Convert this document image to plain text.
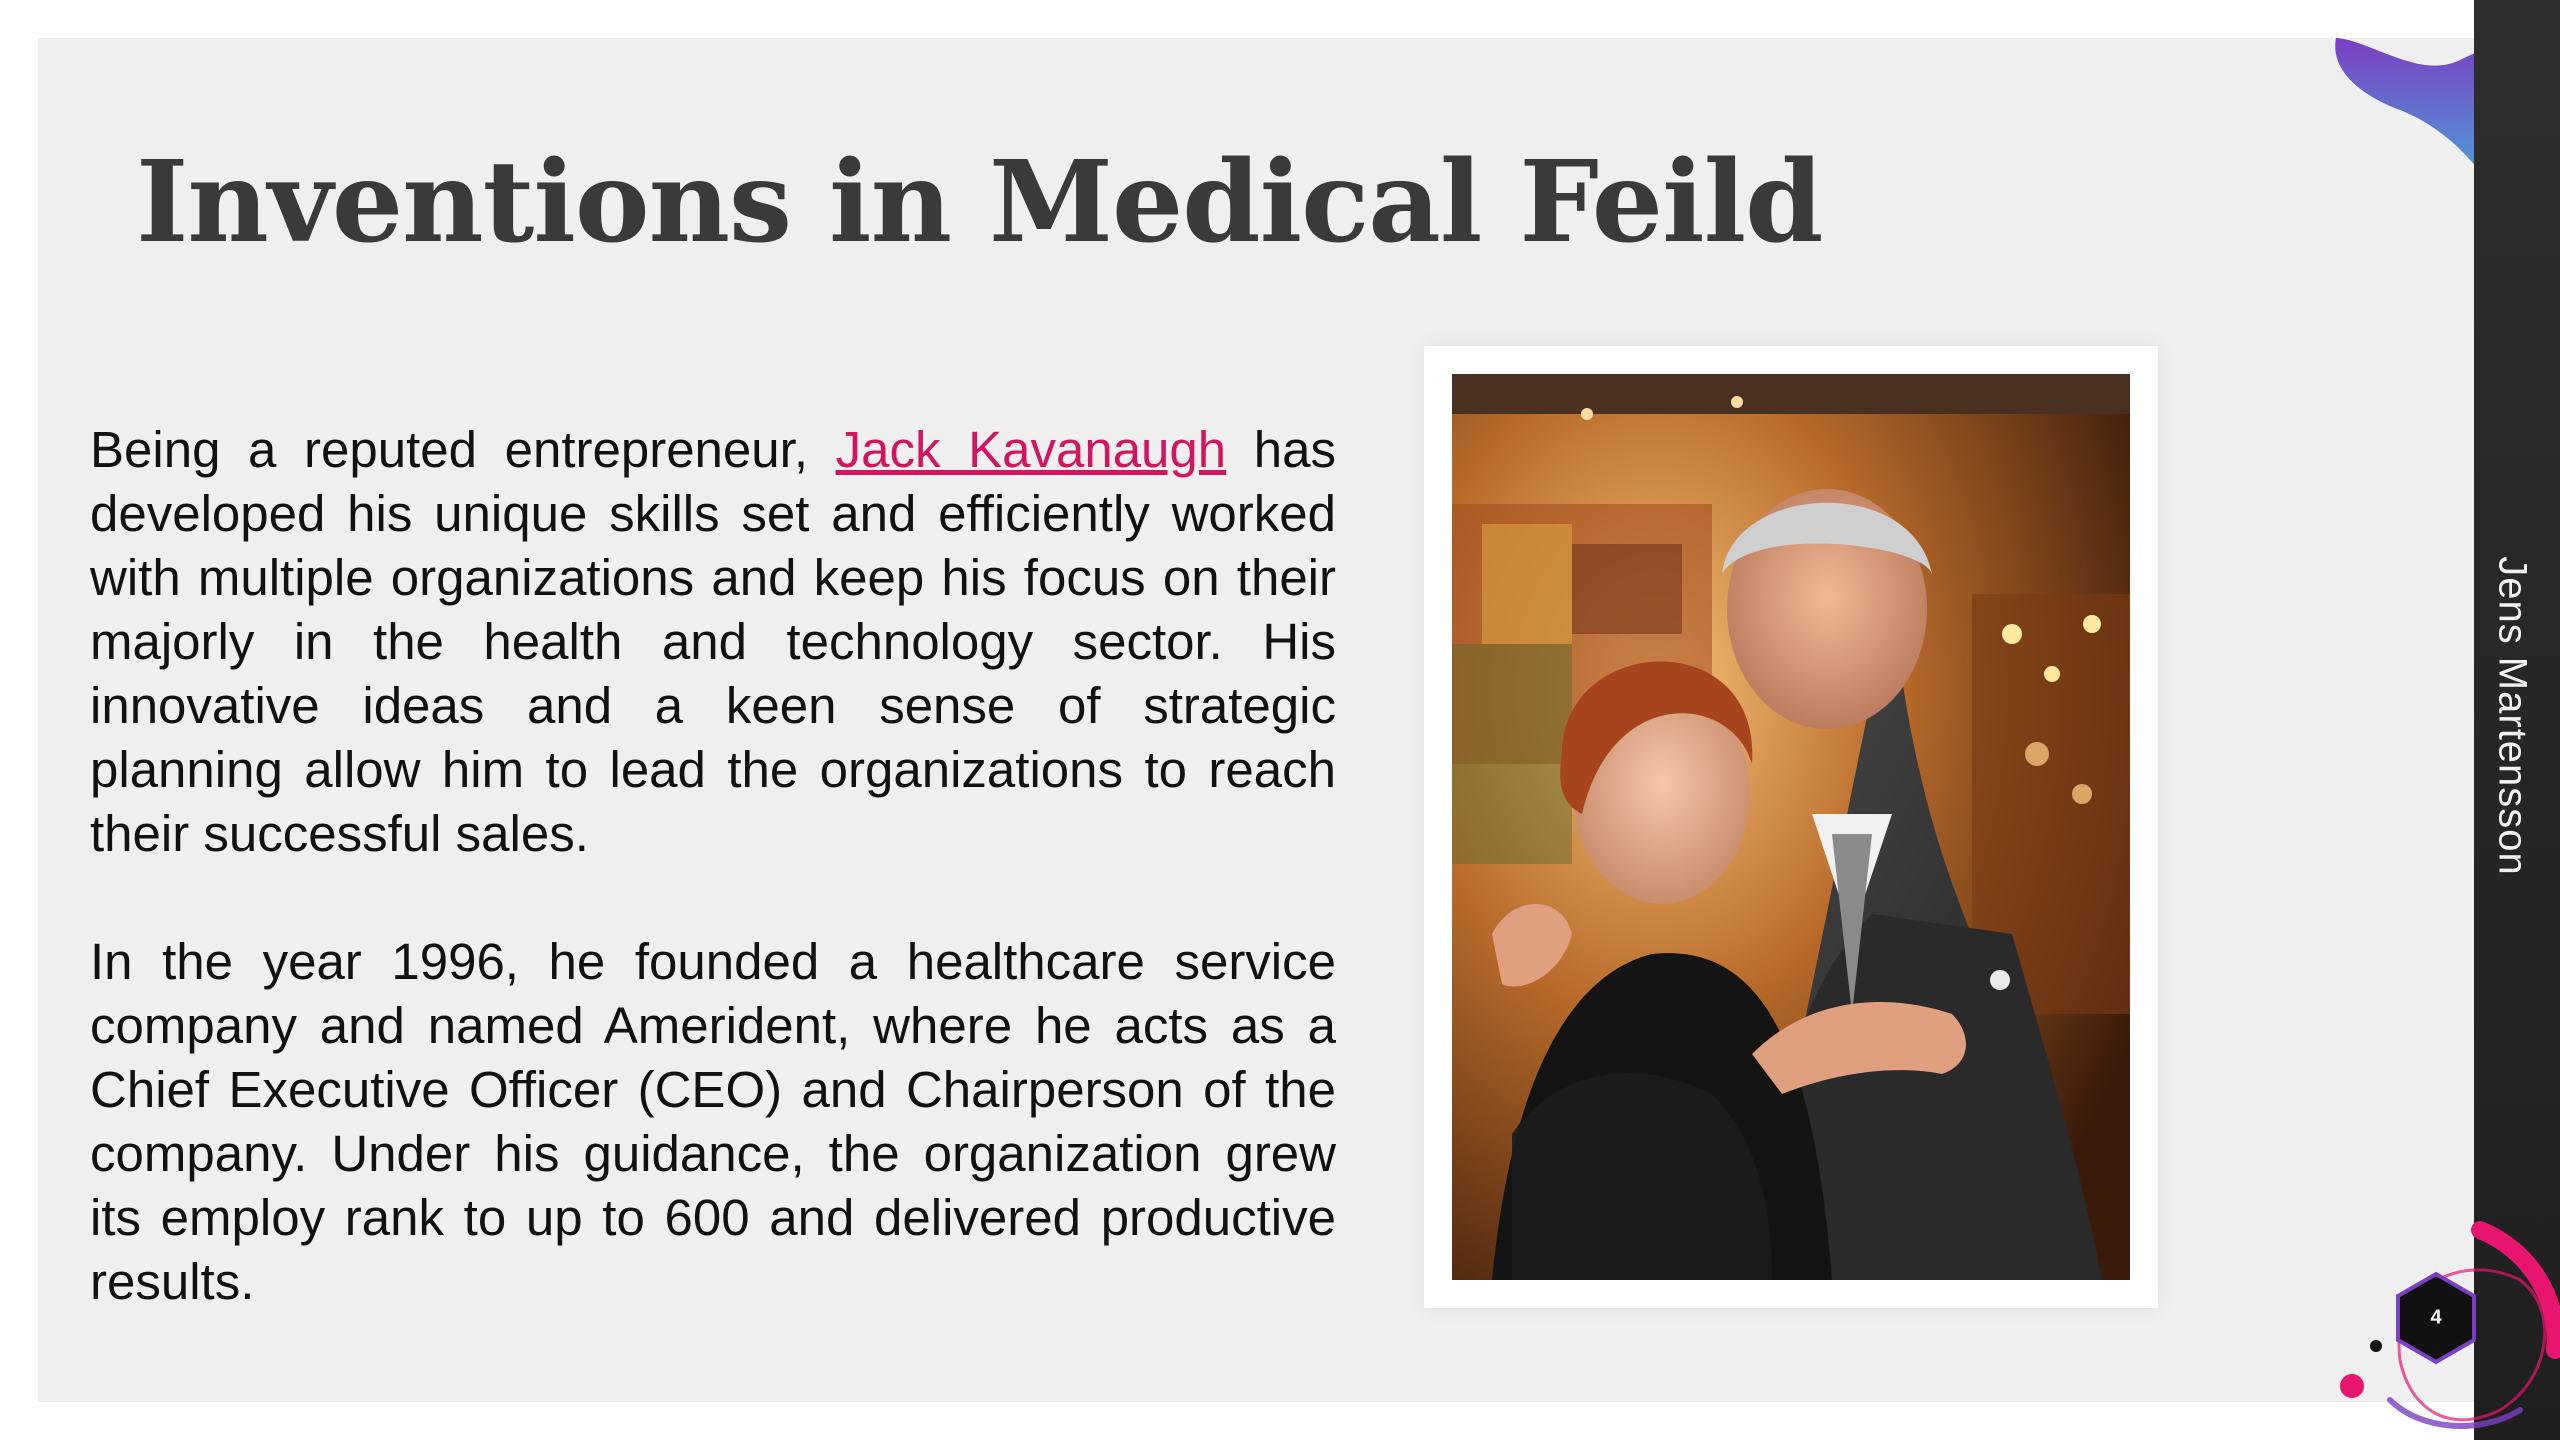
Inventions in Medical Feild

Being a reputed entrepreneur, Jack Kavanaugh has developed his unique skills set and efficiently worked with multiple organizations and keep his focus on their majorly in the health and technology sector. His innovative ideas and a keen sense of strategic planning allow him to lead the organizations to reach their successful sales.

In the year 1996, he founded a healthcare service company and named Amerident, where he acts as a Chief Executive Officer (CEO) and Chairperson of the company. Under his guidance, the organization grew its employ rank to up to 600 and delivered productive results.

Jens Martensson
4
